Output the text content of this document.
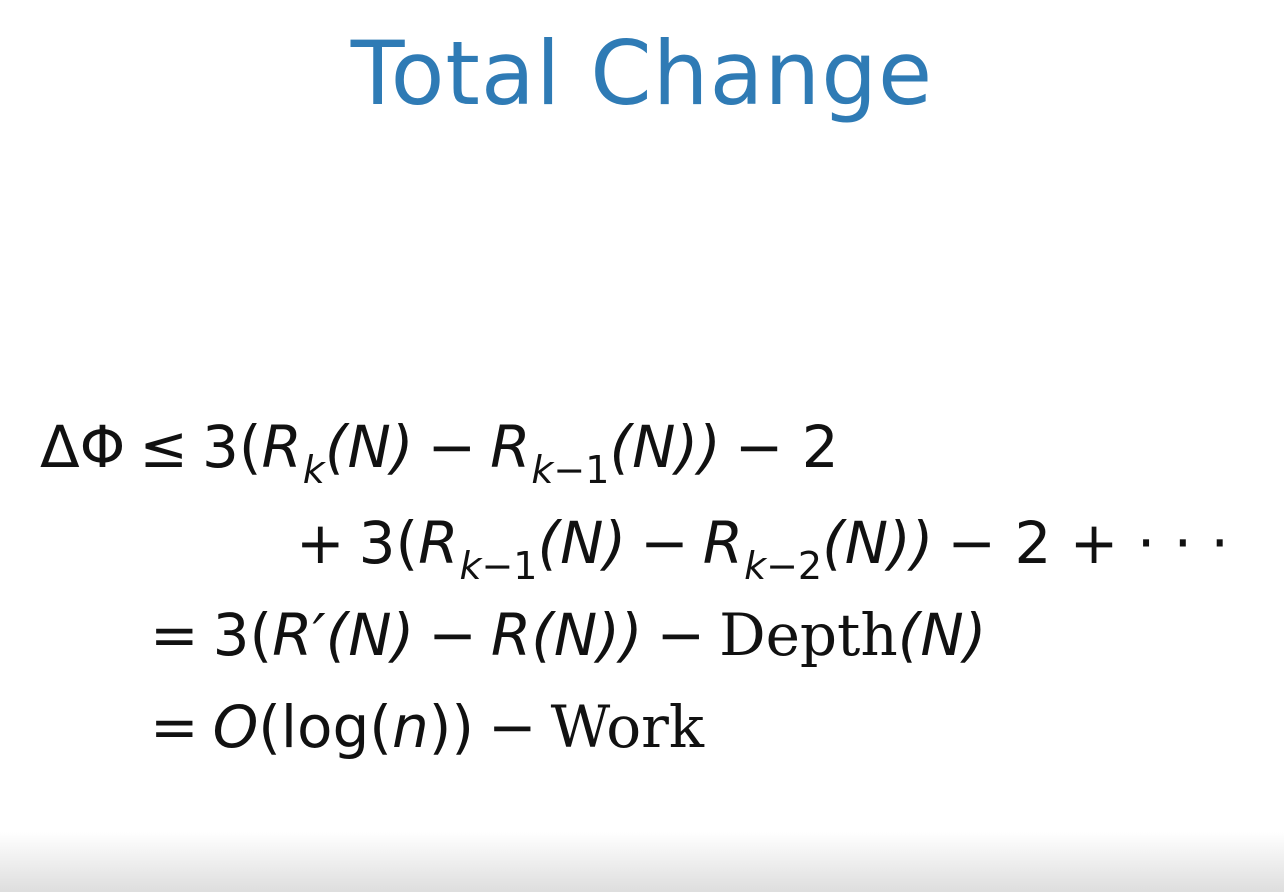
Total Change
$\Delta\Phi \le 3(R_k(N) - R_{k-1}(N)) - 2$
+ $3(R_{k-1}(N) - R_{k-2}(N)) - 2$ + · · ·
= 3(R′(N) − R(N)) − Depth(N)
= O(log(n)) − Work
